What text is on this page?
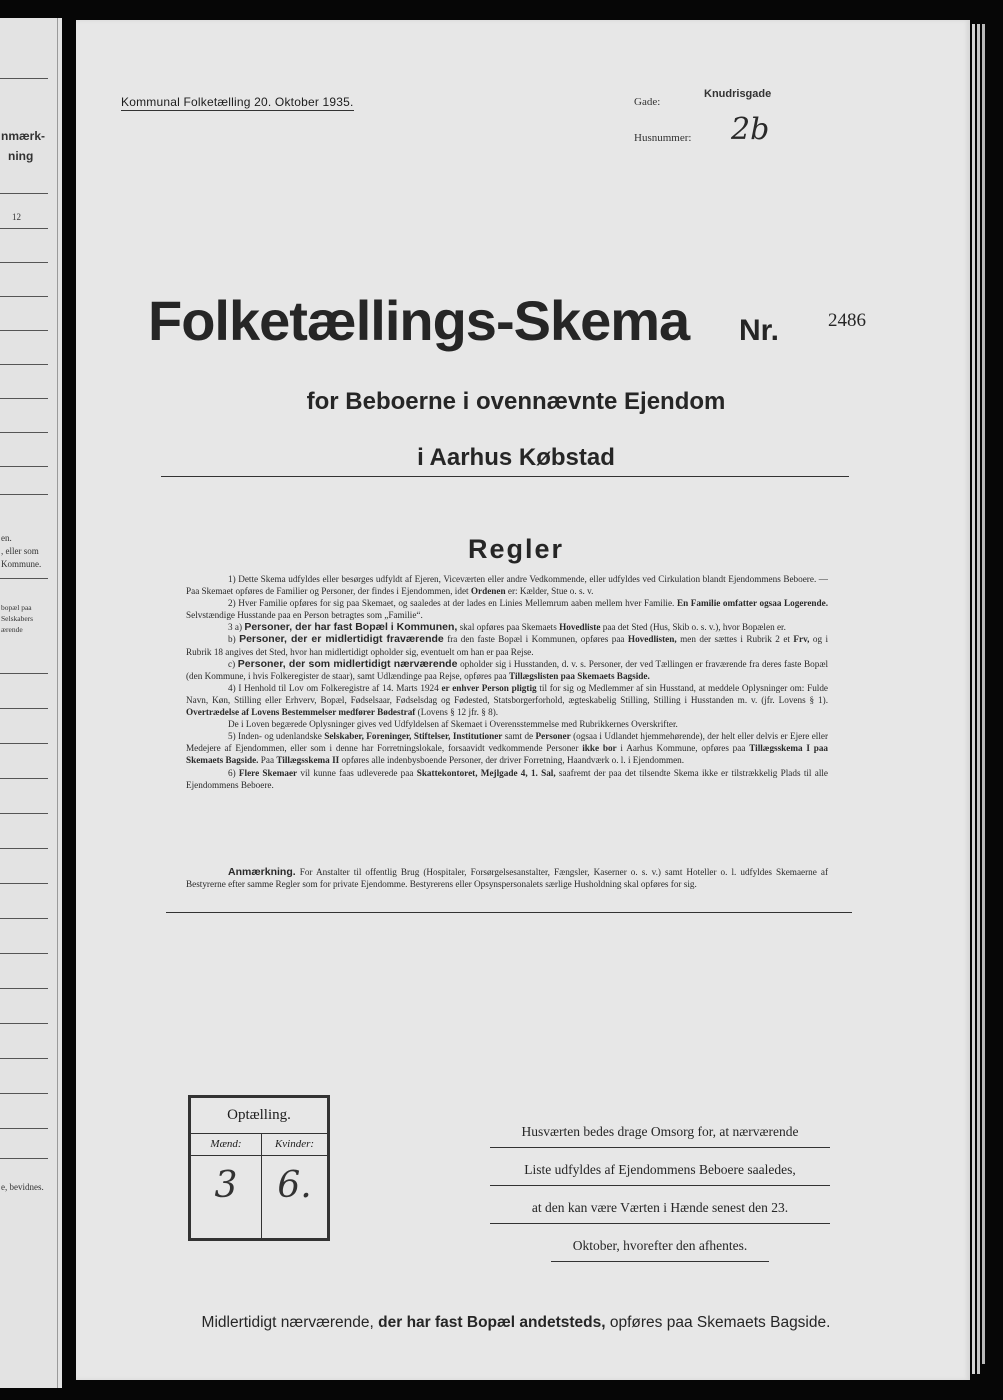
nmærk-
ning
12
en.
, eller som
Kommune.
bopæl paa
Selskabers
ærende
e, bevidnes.
Kommunal Folketælling 20. Oktober 1935.	Gade:
Knudrisgade
Husnummer: 2b
Folketællings-Skema Nr.	2486
for Beboerne i ovennævnte Ejendom
i Aarhus Købstad
Regler

1) Dette Skema udfyldes eller besørges udfyldt af Ejeren, Viceværten eller andre Vedkommende, eller udfyldes ved Cirkulation blandt Ejendommens Beboere. — Paa Skemaet opføres de Familier og Personer, der findes i Ejendommen, idet Ordenen er: Kælder, Stue o. s. v.

2) Hver Familie opføres for sig paa Skemaet, og saaledes at der lades en Linies Mellemrum aaben mellem hver Familie. En Familie omfatter ogsaa Logerende. Selvstændige Husstande paa en Person betragtes som „Familie“.

3 a) Personer, der har fast Bopæl i Kommunen, skal opføres paa Skemaets Hovedliste paa det Sted (Hus, Skib o. s. v.), hvor Bopælen er.

b) Personer, der er midlertidigt fraværende fra den faste Bopæl i Kommunen, opføres paa Hovedlisten, men der sættes i Rubrik 2 et Frv, og i Rubrik 18 angives det Sted, hvor han midlertidigt opholder sig, eventuelt om han er paa Rejse.

c) Personer, der som midlertidigt nærværende opholder sig i Husstanden, d. v. s. Personer, der ved Tællingen er fraværende fra deres faste Bopæl (den Kommune, i hvis Folkeregister de staar), samt Udlændinge paa Rejse, opføres paa Tillægslisten paa Skemaets Bagside.

4) I Henhold til Lov om Folkeregistre af 14. Marts 1924 er enhver Person pligtig til for sig og Medlemmer af sin Husstand, at meddele Oplysninger om: Fulde Navn, Køn, Stilling eller Erhverv, Bopæl, Fødselsaar, Fødselsdag og Fødested, Statsborgerforhold, ægteskabelig Stilling, Stilling i Husstanden m. v. (jfr. Lovens § 1). Overtrædelse af Lovens Bestemmelser medfører Bødestraf (Lovens § 12 jfr. § 8).

De i Loven begærede Oplysninger gives ved Udfyldelsen af Skemaet i Overensstemmelse med Rubrikkernes Overskrifter.

5) Inden- og udenlandske Selskaber, Foreninger, Stiftelser, Institutioner samt de Personer (ogsaa i Udlandet hjemmehørende), der helt eller delvis er Ejere eller Medejere af Ejendommen, eller som i denne har Forretningslokale, forsaavidt vedkommende Personer ikke bor i Aarhus Kommune, opføres paa Tillægsskema I paa Skemaets Bagside. Paa Tillægsskema II opføres alle indenbysboende Personer, der driver Forretning, Haandværk o. l. i Ejendommen.

6) Flere Skemaer vil kunne faas udleverede paa Skattekontoret, Mejlgade 4, 1. Sal, saafremt der paa det tilsendte Skema ikke er tilstrækkelig Plads til alle Ejendommens Beboere.

Anmærkning. For Anstalter til offentlig Brug (Hospitaler, Forsørgelsesanstalter, Fængsler, Kaserner o. s. v.) samt Hoteller o. l. udfyldes Skemaerne af Bestyrerne efter samme Regler som for private Ejendomme. Bestyrerens eller Opsynspersonalets særlige Husholdning skal opføres for sig.

Optælling.
Mænd:
3
Kvinder:
6.
Husværten bedes drage Omsorg for, at nærværende
Liste udfyldes af Ejendommens Beboere saaledes,
at den kan være Værten i Hænde senest den 23.
Oktober, hvorefter den afhentes.
Midlertidigt nærværende, der har fast Bopæl andetsteds, opføres paa Skemaets Bagside.
